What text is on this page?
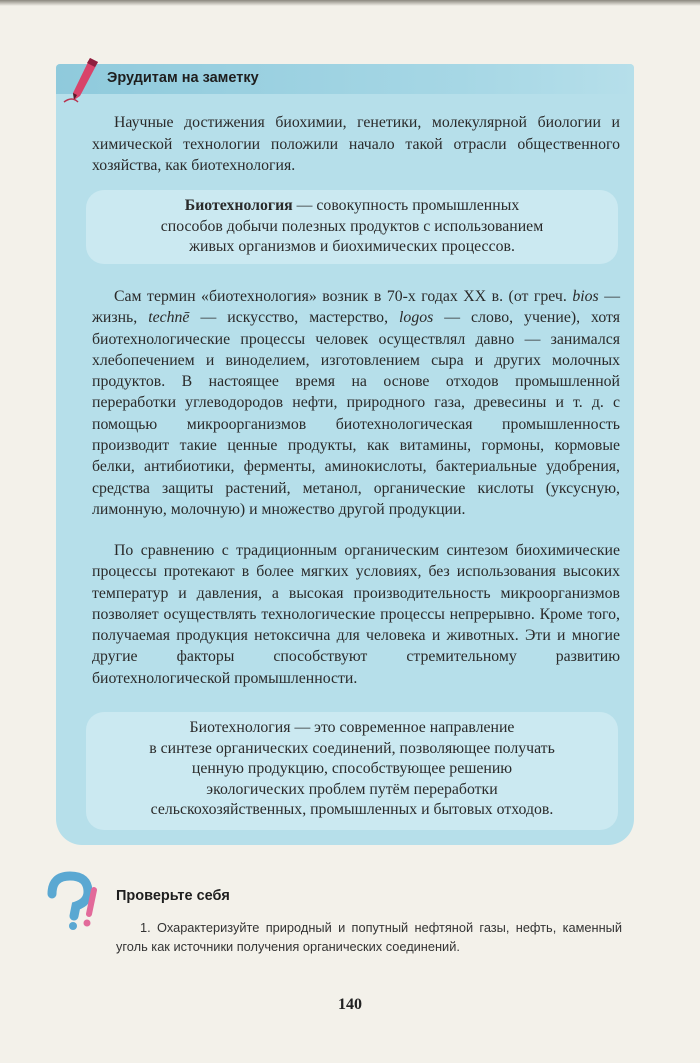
Эрудитам на заметку
Научные достижения биохимии, генетики, молекулярной биологии и химической технологии положили начало такой отрасли общественного хозяйства, как биотехнология.
Биотехнология — совокупность промышленных
способов добычи полезных продуктов с использованием
живых организмов и биохимических процессов.
Сам термин «биотехнология» возник в 70-х годах XX в. (от греч. bios — жизнь, technē — искусство, мастерство, logos — слово, учение), хотя биотехнологические процессы человек осуществлял давно — занимался хлебопечением и виноделием, изготовлением сыра и других молочных продуктов. В настоящее время на основе отходов промышленной переработки углеводородов нефти, природного газа, древесины и т. д. с помощью микроорганизмов биотехнологическая промышленность производит такие ценные продукты, как витамины, гормоны, кормовые белки, антибиотики, ферменты, аминокислоты, бактериальные удобрения, средства защиты растений, метанол, органические кислоты (уксусную, лимонную, молочную) и множество другой продукции.
По сравнению с традиционным органическим синтезом биохимические процессы протекают в более мягких условиях, без использования высоких температур и давления, а высокая производительность микроорганизмов позволяет осуществлять технологические процессы непрерывно. Кроме того, получаемая продукция нетоксична для человека и животных. Эти и многие другие факторы способствуют стремительному развитию биотехнологической промышленности.
Биотехнология — это современное направление
в синтезе органических соединений, позволяющее получать
ценную продукцию, способствующее решению
экологических проблем путём переработки
сельскохозяйственных, промышленных и бытовых отходов.
Проверьте себя
1. Охарактеризуйте природный и попутный нефтяной газы, нефть, каменный уголь как источники получения органических соединений.
140
